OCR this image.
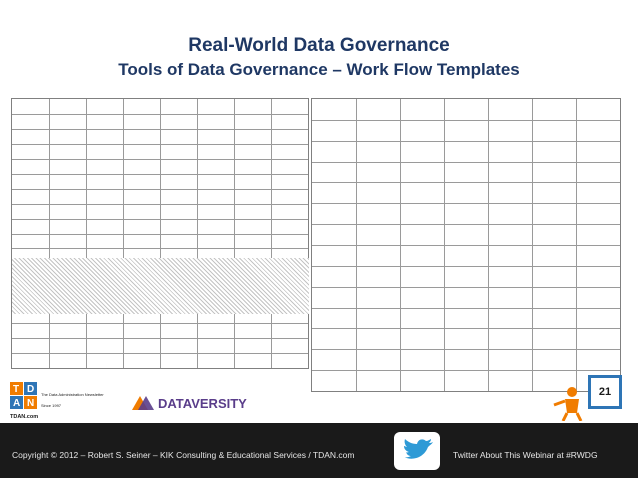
Real-World Data Governance
Tools of Data Governance – Work Flow Templates
T D
A N
TDAN.com
The Data Administration Newsletter
Since 1997	DATAVERSITY
21
Copyright © 2012 – Robert S. Seiner – KIK Consulting & Educational Services / TDAN.com	Twitter About This Webinar at #RWDG
